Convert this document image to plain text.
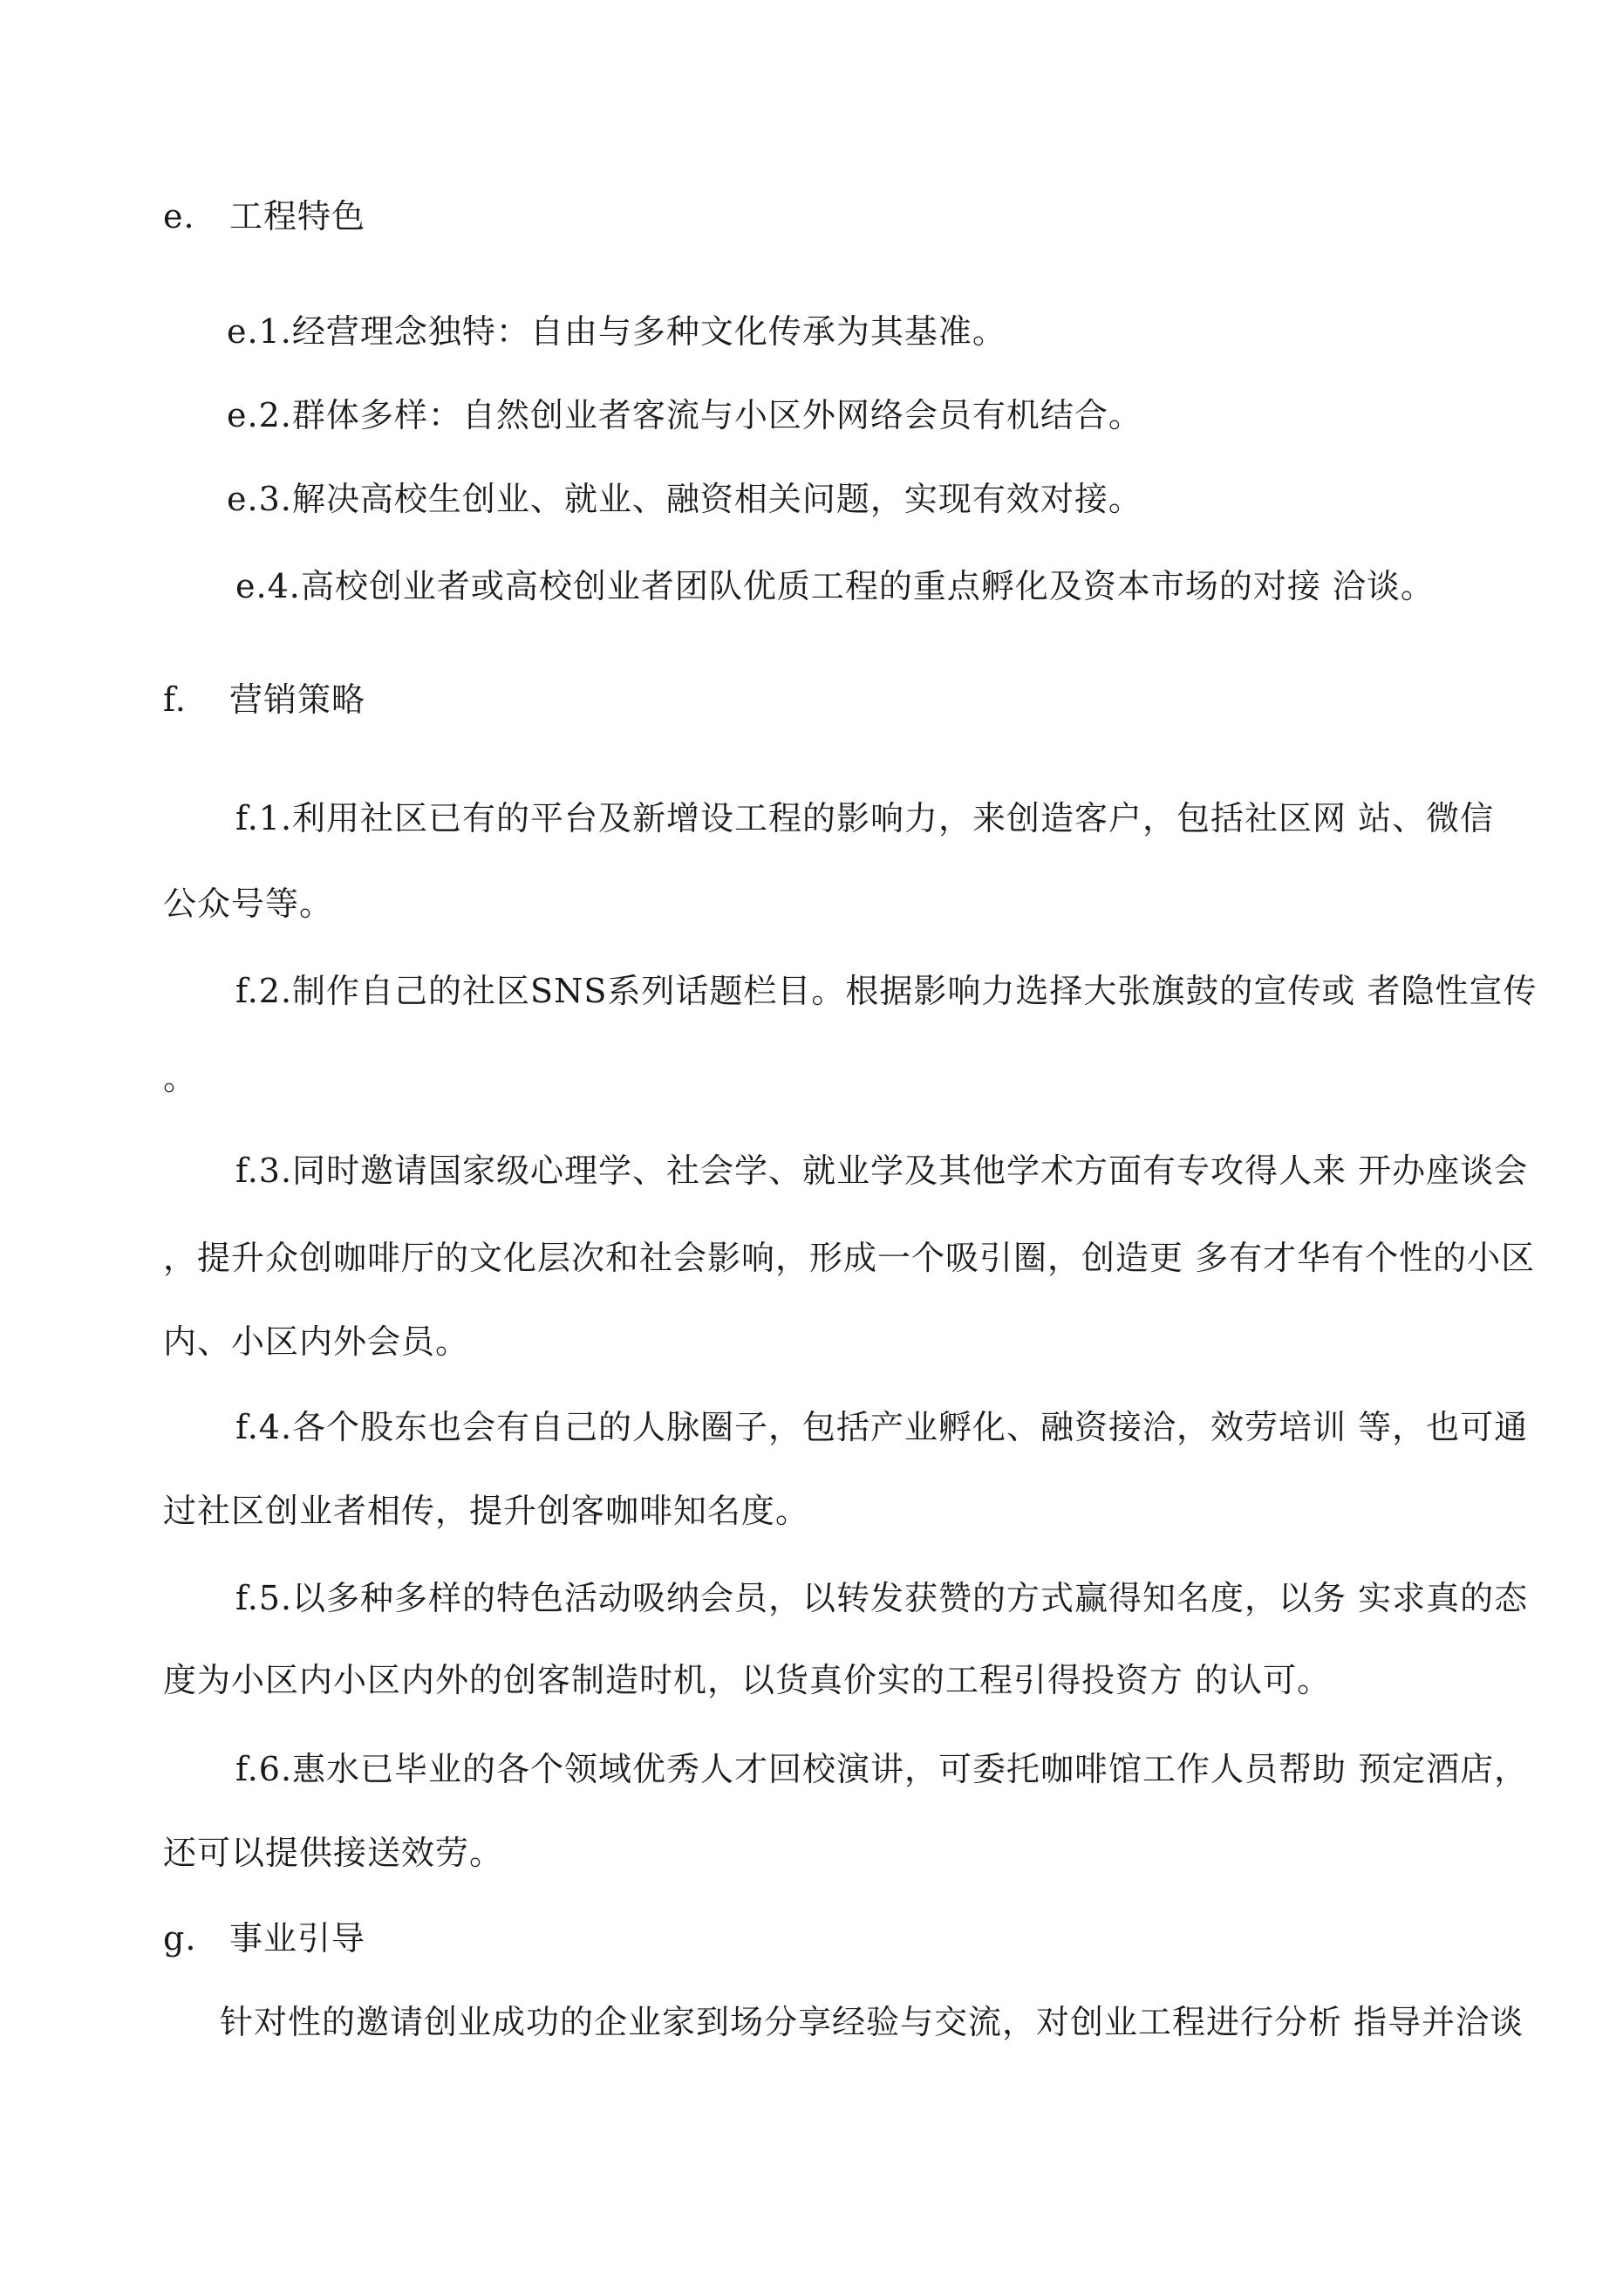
e. 工程特色
e.1.经营理念独特：自由与多种文化传承为其基准。
e.2.群体多样：自然创业者客流与小区外网络会员有机结合。
e.3.解决高校生创业、就业、融资相关问题，实现有效对接。
e.4.高校创业者或高校创业者团队优质工程的重点孵化及资本市场的对接 洽谈。
f. 营销策略
f.1.利用社区已有的平台及新增设工程的影响力，来创造客户，包括社区网 站、微信
公众号等。
f.2.制作自己的社区SNS系列话题栏目。根据影响力选择大张旗鼓的宣传或 者隐性宣传
。
f.3.同时邀请国家级心理学、社会学、就业学及其他学术方面有专攻得人来 开办座谈会
，提升众创咖啡厅的文化层次和社会影响，形成一个吸引圈，创造更 多有才华有个性的小区
内、小区内外会员。
f.4.各个股东也会有自己的人脉圈子，包括产业孵化、融资接洽，效劳培训 等，也可通
过社区创业者相传，提升创客咖啡知名度。
f.5.以多种多样的特色活动吸纳会员，以转发获赞的方式赢得知名度，以务 实求真的态
度为小区内小区内外的创客制造时机，以货真价实的工程引得投资方 的认可。
f.6.惠水已毕业的各个领域优秀人才回校演讲，可委托咖啡馆工作人员帮助 预定酒店，
还可以提供接送效劳。
g. 事业引导
针对性的邀请创业成功的企业家到场分享经验与交流，对创业工程进行分析 指导并洽谈
